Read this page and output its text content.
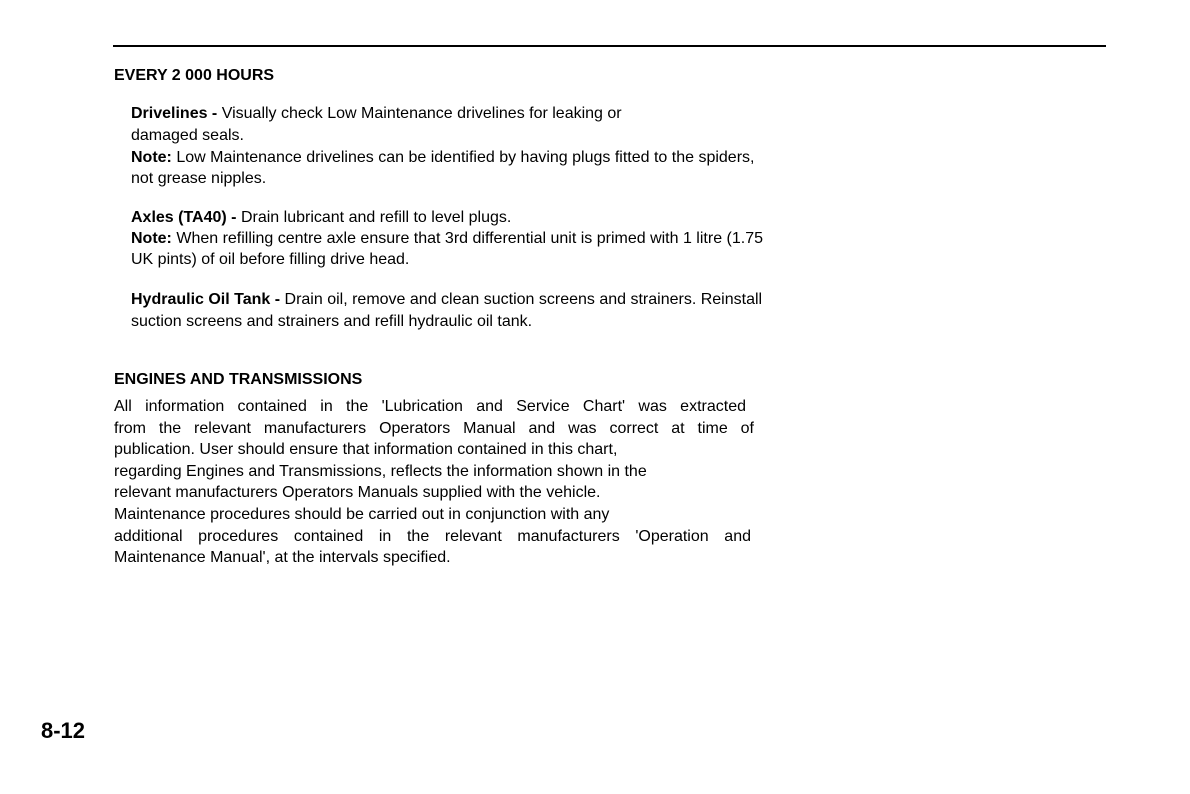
EVERY 2 000 HOURS

Drivelines - Visually check Low Maintenance drivelines for leaking or
damaged seals.

Note: Low Maintenance drivelines can be identified by having plugs fitted to the spiders, not grease nipples.

Axles (TA40) - Drain lubricant and refill to level plugs.

Note: When refilling centre axle ensure that 3rd differential unit is primed with 1 litre (1.75 UK pints) of oil before filling drive head.

Hydraulic Oil Tank - Drain oil, remove and clean suction screens and strainers. Reinstall suction screens and strainers and refill hydraulic oil tank.

ENGINES AND TRANSMISSIONS
All information contained in the 'Lubrication and Service Chart' was extracted
from the relevant manufacturers Operators Manual and was correct at time of
publication. User should ensure that information contained in this chart,
regarding Engines and Transmissions, reflects the information shown in the
relevant manufacturers Operators Manuals supplied with the vehicle.
Maintenance procedures should be carried out in conjunction with any
additional procedures contained in the relevant manufacturers 'Operation and
Maintenance Manual', at the intervals specified.
8-12
